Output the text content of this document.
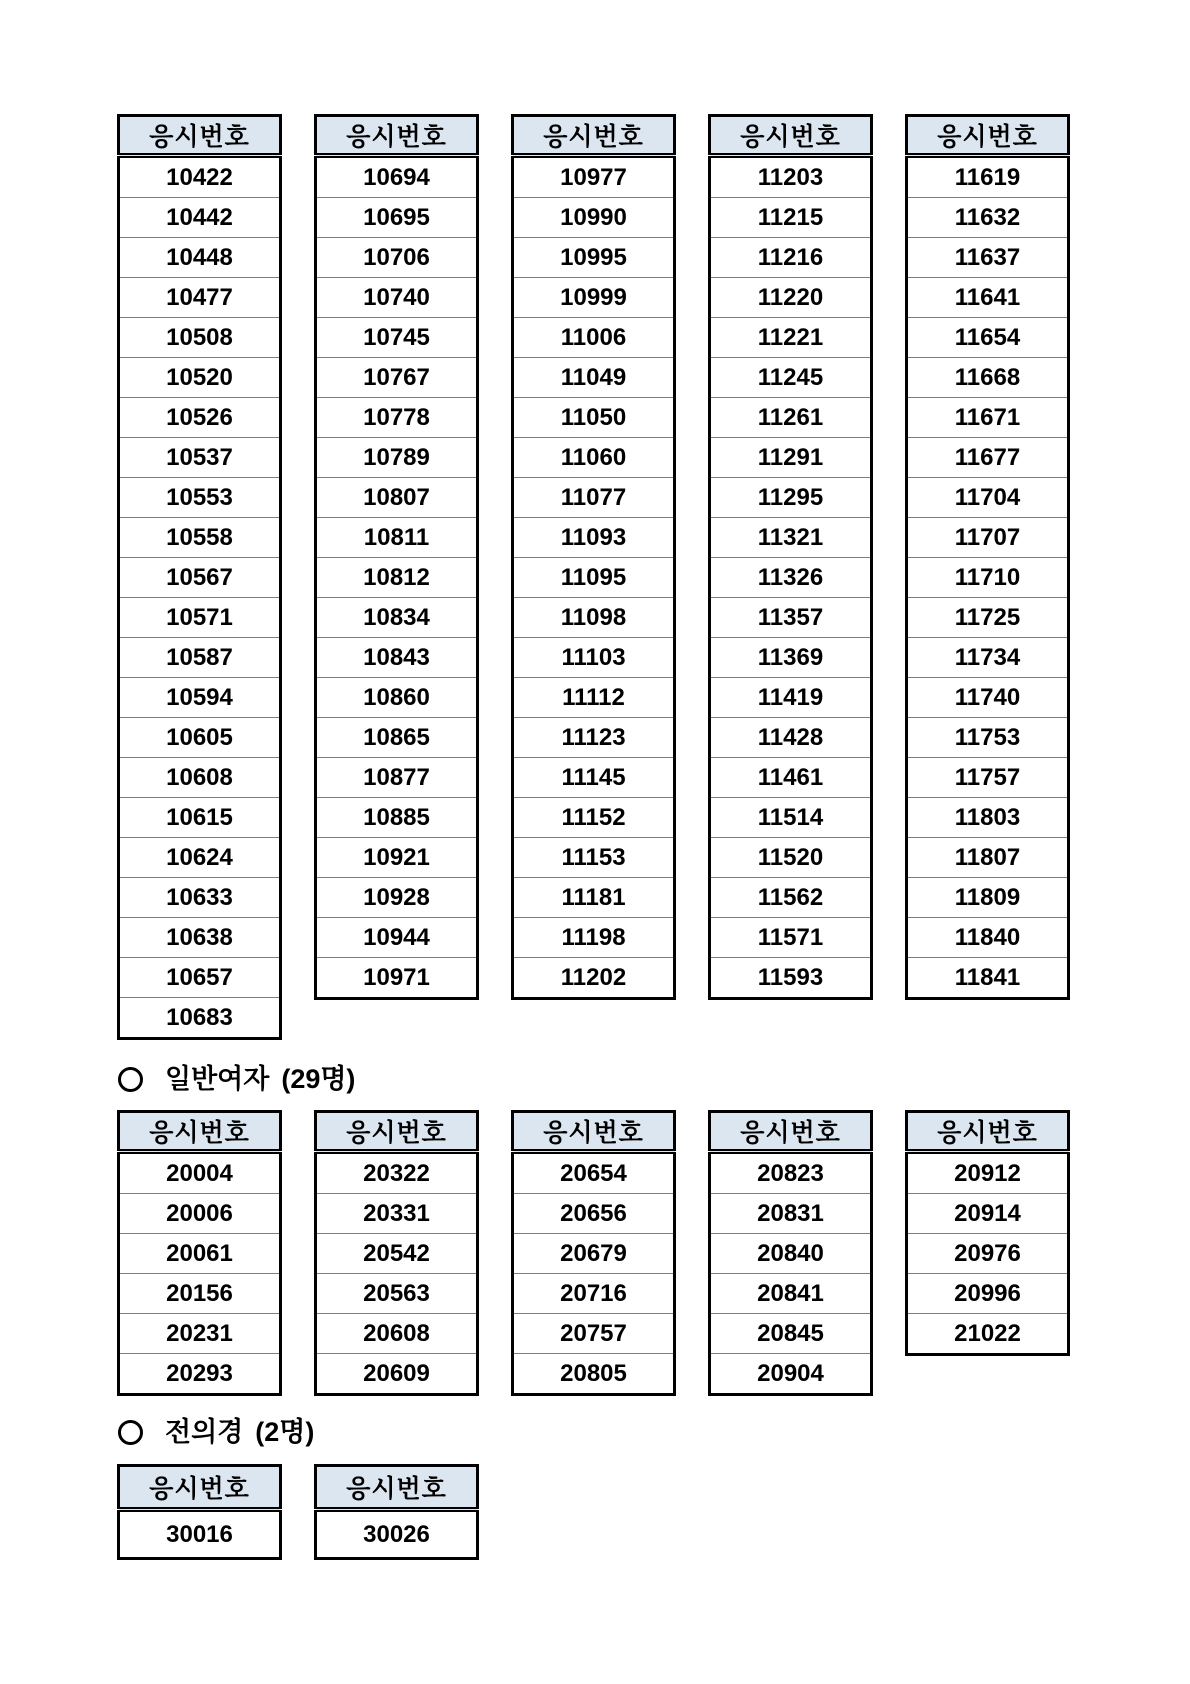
응시번호
10422
10442
10448
10477
10508
10520
10526
10537
10553
10558
10567
10571
10587
10594
10605
10608
10615
10624
10633
10638
10657
10683
응시번호
10694
10695
10706
10740
10745
10767
10778
10789
10807
10811
10812
10834
10843
10860
10865
10877
10885
10921
10928
10944
10971
응시번호
10977
10990
10995
10999
11006
11049
11050
11060
11077
11093
11095
11098
11103
11112
11123
11145
11152
11153
11181
11198
11202
응시번호
11203
11215
11216
11220
11221
11245
11261
11291
11295
11321
11326
11357
11369
11419
11428
11461
11514
11520
11562
11571
11593
응시번호
11619
11632
11637
11641
11654
11668
11671
11677
11704
11707
11710
11725
11734
11740
11753
11757
11803
11807
11809
11840
11841
일반여자 (29명)
응시번호
20004
20006
20061
20156
20231
20293
응시번호
20322
20331
20542
20563
20608
20609
응시번호
20654
20656
20679
20716
20757
20805
응시번호
20823
20831
20840
20841
20845
20904
응시번호
20912
20914
20976
20996
21022
전의경 (2명)
응시번호
30016
응시번호
30026
